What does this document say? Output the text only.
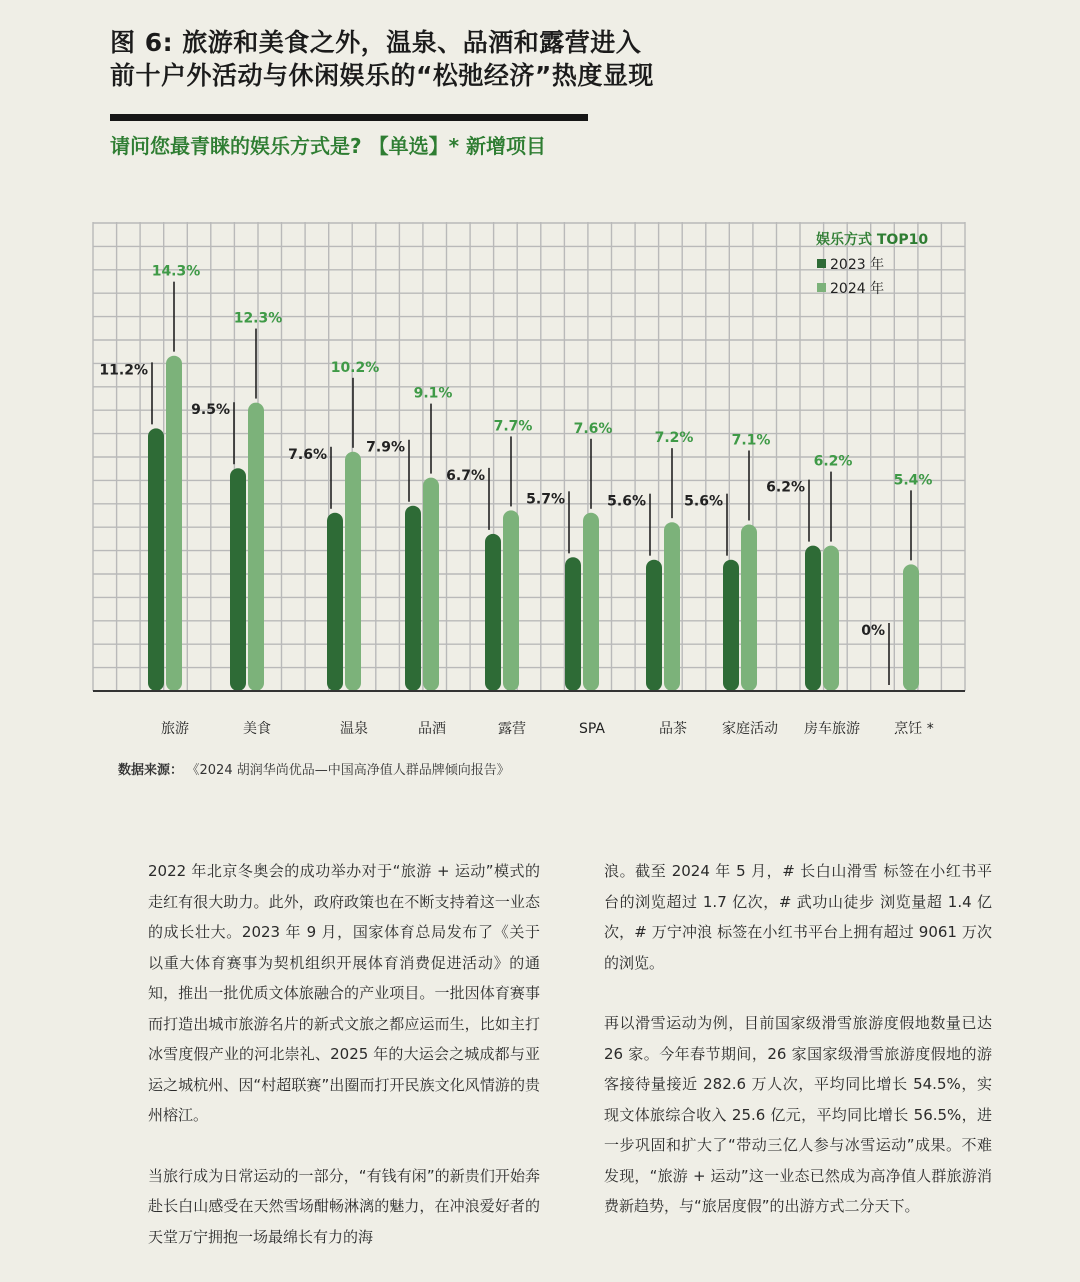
图 6: 旅游和美食之外，温泉、品酒和露营进入
前十户外活动与休闲娱乐的“松弛经济”热度显现
请问您最青睐的娱乐方式是? 【单选】* 新增项目
11.2%
14.3%
9.5%
12.3%
7.6%
10.2%
7.9%
9.1%
6.7%
7.7%
5.7%
7.6%
5.6%
7.2%
5.6%
7.1%
6.2%
6.2%
0%
5.4%
旅游	美食	温泉	品酒	露营	SPA	品茶	家庭活动 房车旅游 烹饪 *
娱乐方式 TOP10
2023 年
2024 年
数据来源： 《2024 胡润华尚优品—中国高净值人群品牌倾向报告》

2022 年北京冬奥会的成功举办对于“旅游 + 运动”模式的走红有很大助力。此外，政府政策也在不断支持着这一业态的成长壮大。2023 年 9 月，国家体育总局发布了《关于以重大体育赛事为契机组织开展体育消费促进活动》的通知，推出一批优质文体旅融合的产业项目。一批因体育赛事而打造出城市旅游名片的新式文旅之都应运而生，比如主打冰雪度假产业的河北崇礼、2025 年的大运会之城成都与亚运之城杭州、因“村超联赛”出圈而打开民族文化风情游的贵州榕江。

当旅行成为日常运动的一部分，“有钱有闲”的新贵们开始奔赴长白山感受在天然雪场酣畅淋漓的魅力，在冲浪爱好者的天堂万宁拥抱一场最绵长有力的海

浪。截至 2024 年 5 月，# 长白山滑雪 标签在小红书平台的浏览超过 1.7 亿次，# 武功山徒步 浏览量超 1.4 亿次，# 万宁冲浪 标签在小红书平台上拥有超过 9061 万次的浏览。

再以滑雪运动为例，目前国家级滑雪旅游度假地数量已达 26 家。今年春节期间，26 家国家级滑雪旅游度假地的游客接待量接近 282.6 万人次，平均同比增长 54.5%，实现文体旅综合收入 25.6 亿元，平均同比增长 56.5%，进一步巩固和扩大了“带动三亿人参与冰雪运动”成果。不难发现，“旅游 + 运动”这一业态已然成为高净值人群旅游消费新趋势，与“旅居度假”的出游方式二分天下。
